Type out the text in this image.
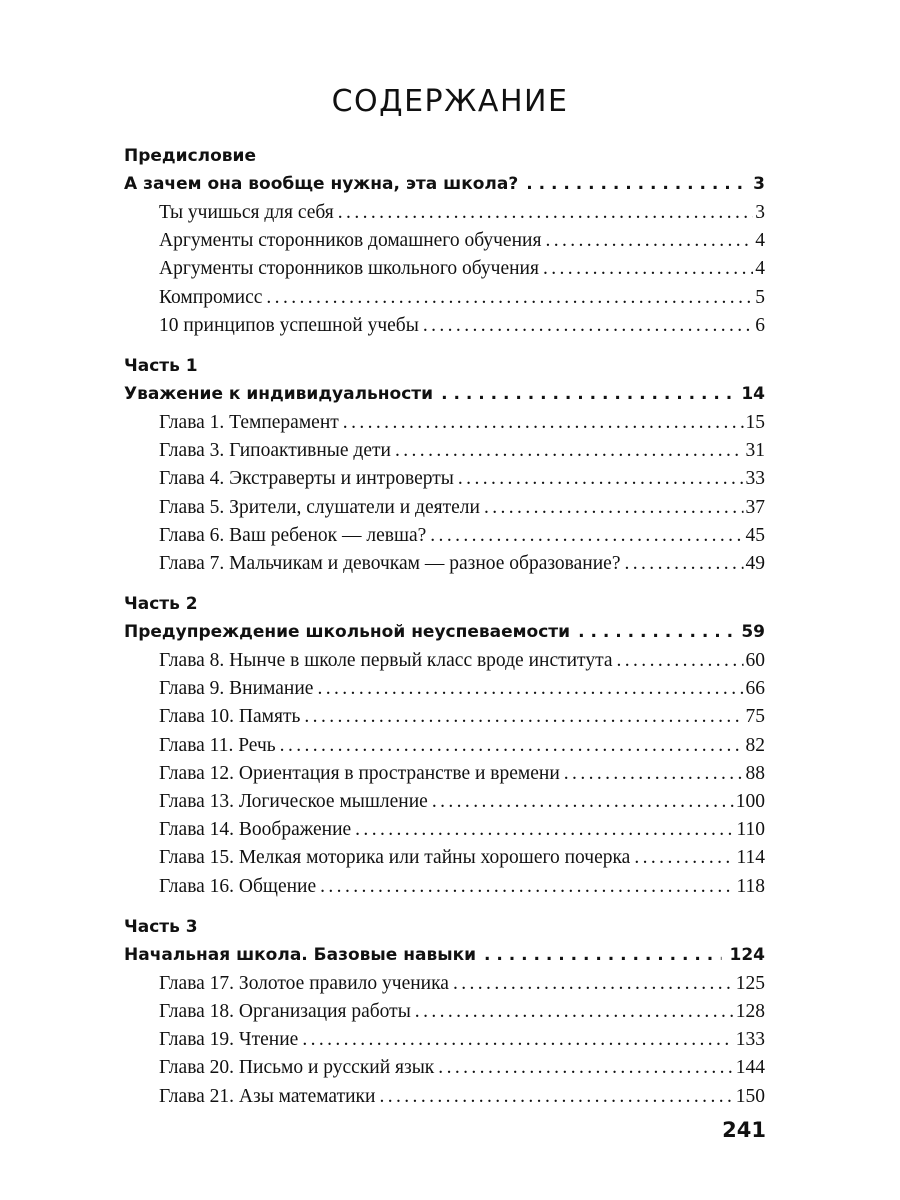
СОДЕРЖАНИЕ
Предисловие
А зачем она вообще нужна, эта школа? . . .	3
Ты учишься для себя .....	3
Аргументы сторонников домашнего обучения .....	4
Аргументы сторонников школьного обучения .....	4
Компромисс .....	5
10 принципов успешной учебы .....	6
Часть 1
Уважение к индивидуальности . . .	14
Глава 1. Темперамент .....	15
Глава 3. Гипоактивные дети .....	31
Глава 4. Экстраверты и интроверты .....	33
Глава 5. Зрители, слушатели и деятели .....	37
Глава 6. Ваш ребенок — левша? .....	45
Глава 7. Мальчикам и девочкам — разное образование? .....	49
Часть 2
Предупреждение школьной неуспеваемости . . .	59
Глава 8. Нынче в школе первый класс вроде института .....	60
Глава 9. Внимание .....	66
Глава 10. Память .....	75
Глава 11. Речь .....	82
Глава 12. Ориентация в пространстве и времени .....	88
Глава 13. Логическое мышление .....	100
Глава 14. Воображение .....	110
Глава 15. Мелкая моторика или тайны хорошего почерка .....	114
Глава 16. Общение .....	118
Часть 3
Начальная школа. Базовые навыки . . .	124
Глава 17. Золотое правило ученика .....	125
Глава 18. Организация работы .....	128
Глава 19. Чтение .....	133
Глава 20. Письмо и русский язык .....	144
Глава 21. Азы математики .....	150
241
